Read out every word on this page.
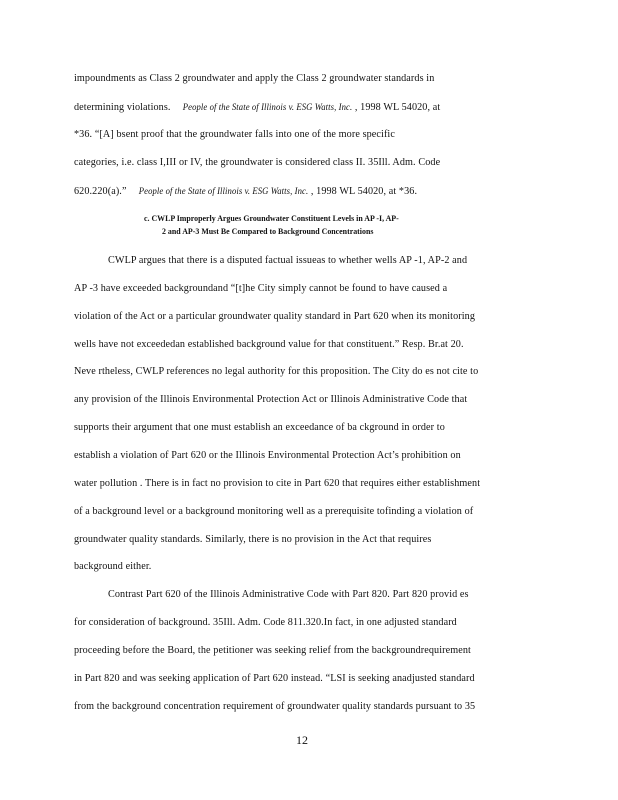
impoundments as Class 2 groundwater and apply the Class 2 groundwater standards in
determining violations. People of the State of Illinois v. ESG Watts, Inc. , 1998 WL 54020, at
*36. “[A] bsent proof that the groundwater falls into one of the more specific
categories, i.e. class I,III or IV, the groundwater is considered class II. 35Ill. Adm. Code
620.220(a).” People of the State of Illinois v. ESG Watts, Inc. , 1998 WL 54020, at *36.
c. CWLP Improperly Argues Groundwater Constituent Levels in AP -I, AP-
2 and AP-3 Must Be Compared to Background Concentrations
CWLP argues that there is a disputed factual issueas to whether wells AP -1, AP-2 and
AP -3 have exceeded backgroundand “[t]he City simply cannot be found to have caused a
violation of the Act or a particular groundwater quality standard in Part 620 when its monitoring
wells have not exceededan established background value for that constituent.” Resp. Br.at 20.
Neve rtheless, CWLP references no legal authority for this proposition. The City do es not cite to
any provision of the Illinois Environmental Protection Act or Illinois Administrative Code that
supports their argument that one must establish an exceedance of ba ckground in order to
establish a violation of Part 620 or the Illinois Environmental Protection Act’s prohibition on
water pollution . There is in fact no provision to cite in Part 620 that requires either establishment
of a background level or a background monitoring well as a prerequisite tofinding a violation of
groundwater quality standards. Similarly, there is no provision in the Act that requires
background either.
Contrast Part 620 of the Illinois Administrative Code with Part 820. Part 820 provid es
for consideration of background. 35Ill. Adm. Code 811.320.In fact, in one adjusted standard
proceeding before the Board, the petitioner was seeking relief from the backgroundrequirement
in Part 820 and was seeking application of Part 620 instead. “LSI is seeking anadjusted standard
from the background concentration requirement of groundwater quality standards pursuant to 35
12
